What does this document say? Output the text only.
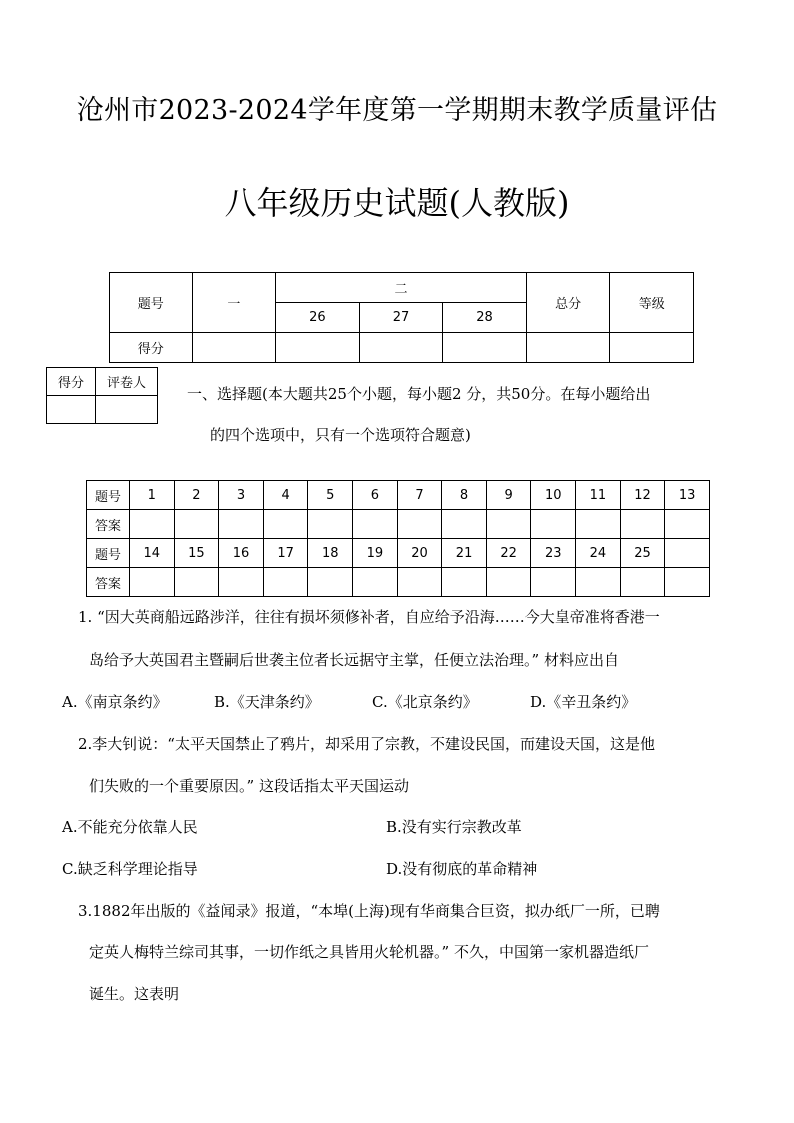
沧州市2023-2024学年度第一学期期末教学质量评估
八年级历史试题(人教版)
题号	一	二			总分	等级
		26	27	28		
得分						
得分	评卷人

一、选择题(本大题共25个小题，每小题2 分，共50分。在每小题给出
的四个选项中，只有一个选项符合题意)
题号	1	2	3	4	5	6	7	8	9	10	11	12	13
答案													
题号	14	15	16	17	18	19	20	21	22	23	24	25	
答案													
1. “因大英商船远路涉洋，往往有损坏须修补者，自应给予沿海……今大皇帝准将香港一
岛给予大英国君主暨嗣后世袭主位者长远据守主掌，任便立法治理。” 材料应出自
A.《南京条约》	B.《天津条约》	C.《北京条约》	D.《辛丑条约》
2.李大钊说：“太平天国禁止了鸦片，却采用了宗教，不建设民国，而建设天国，这是他
们失败的一个重要原因。” 这段话指太平天国运动
A.不能充分依靠人民	B.没有实行宗教改革
C.缺乏科学理论指导	D.没有彻底的革命精神
3.1882年出版的《益闻录》报道，“本埠(上海)现有华商集合巨资，拟办纸厂一所，已聘
定英人梅特兰综司其事，一切作纸之具皆用火轮机器。” 不久，中国第一家机器造纸厂
诞生。这表明
